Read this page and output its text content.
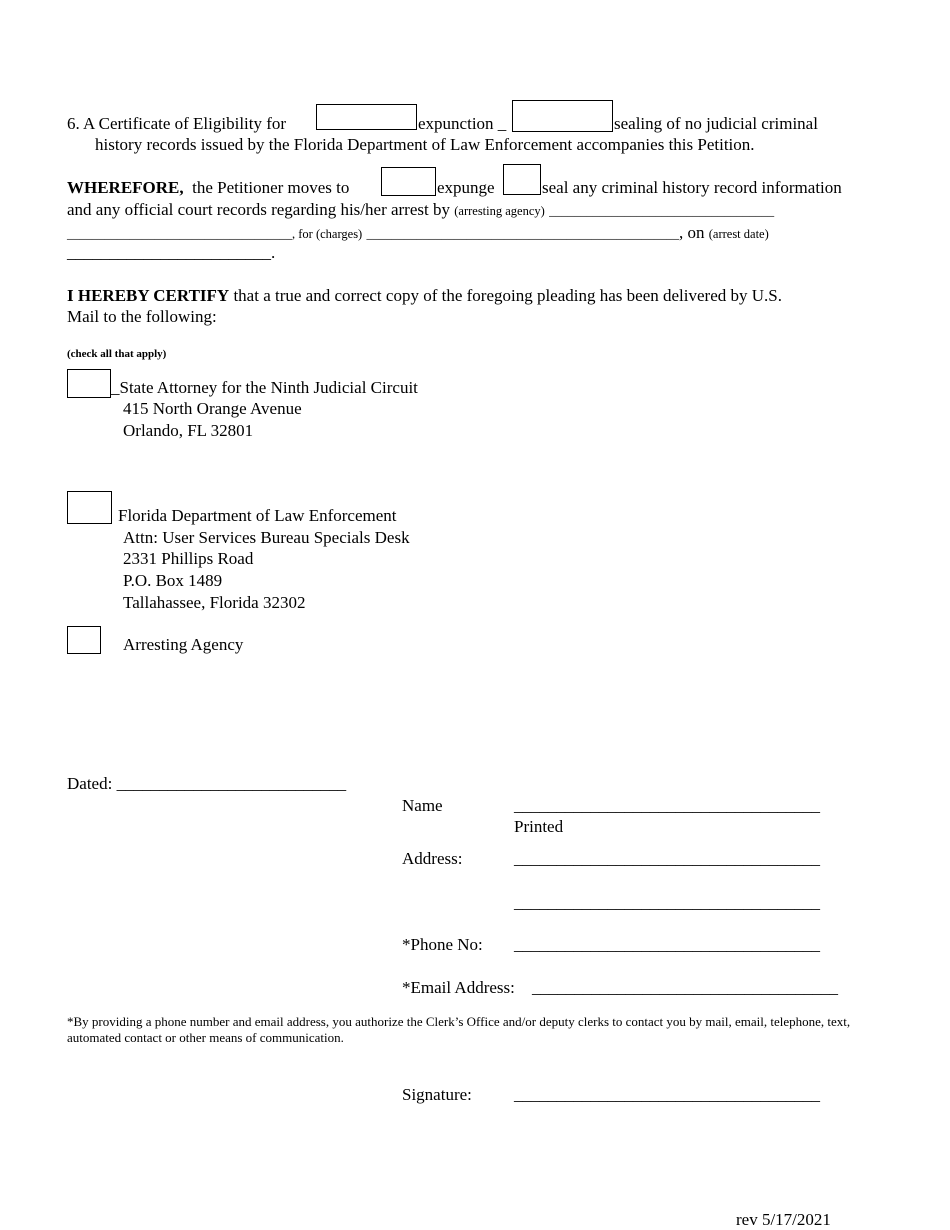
6. A Certificate of Eligibility for	expunction _	sealing of no judicial criminal
history records issued by the Florida Department of Law Enforcement accompanies this Petition.
WHEREFORE, the Petitioner moves to	expunge	seal any criminal history record information
and any official court records regarding his/her arrest by (arresting agency) ____________________________________
____________________________________, for (charges) __________________________________________________, on (arrest date)
________________________.
I HEREBY CERTIFY that a true and correct copy of the foregoing pleading has been delivered by U.S.
Mail to the following:
(check all that apply)
_State Attorney for the Ninth Judicial Circuit
415 North Orange Avenue
Orlando, FL 32801
Florida Department of Law Enforcement
Attn: User Services Bureau Specials Desk
2331 Phillips Road
P.O. Box 1489
Tallahassee, Florida 32302
Arresting Agency
Dated: ___________________________
Name	____________________________________
Printed
Address:	____________________________________
____________________________________
*Phone No: ____________________________________
*Email Address: ____________________________________
*By providing a phone number and email address, you authorize the Clerk’s Office and/or deputy clerks to contact you by mail, email, telephone, text, automated contact or other means of communication.
Signature: ____________________________________
rev 5/17/2021
